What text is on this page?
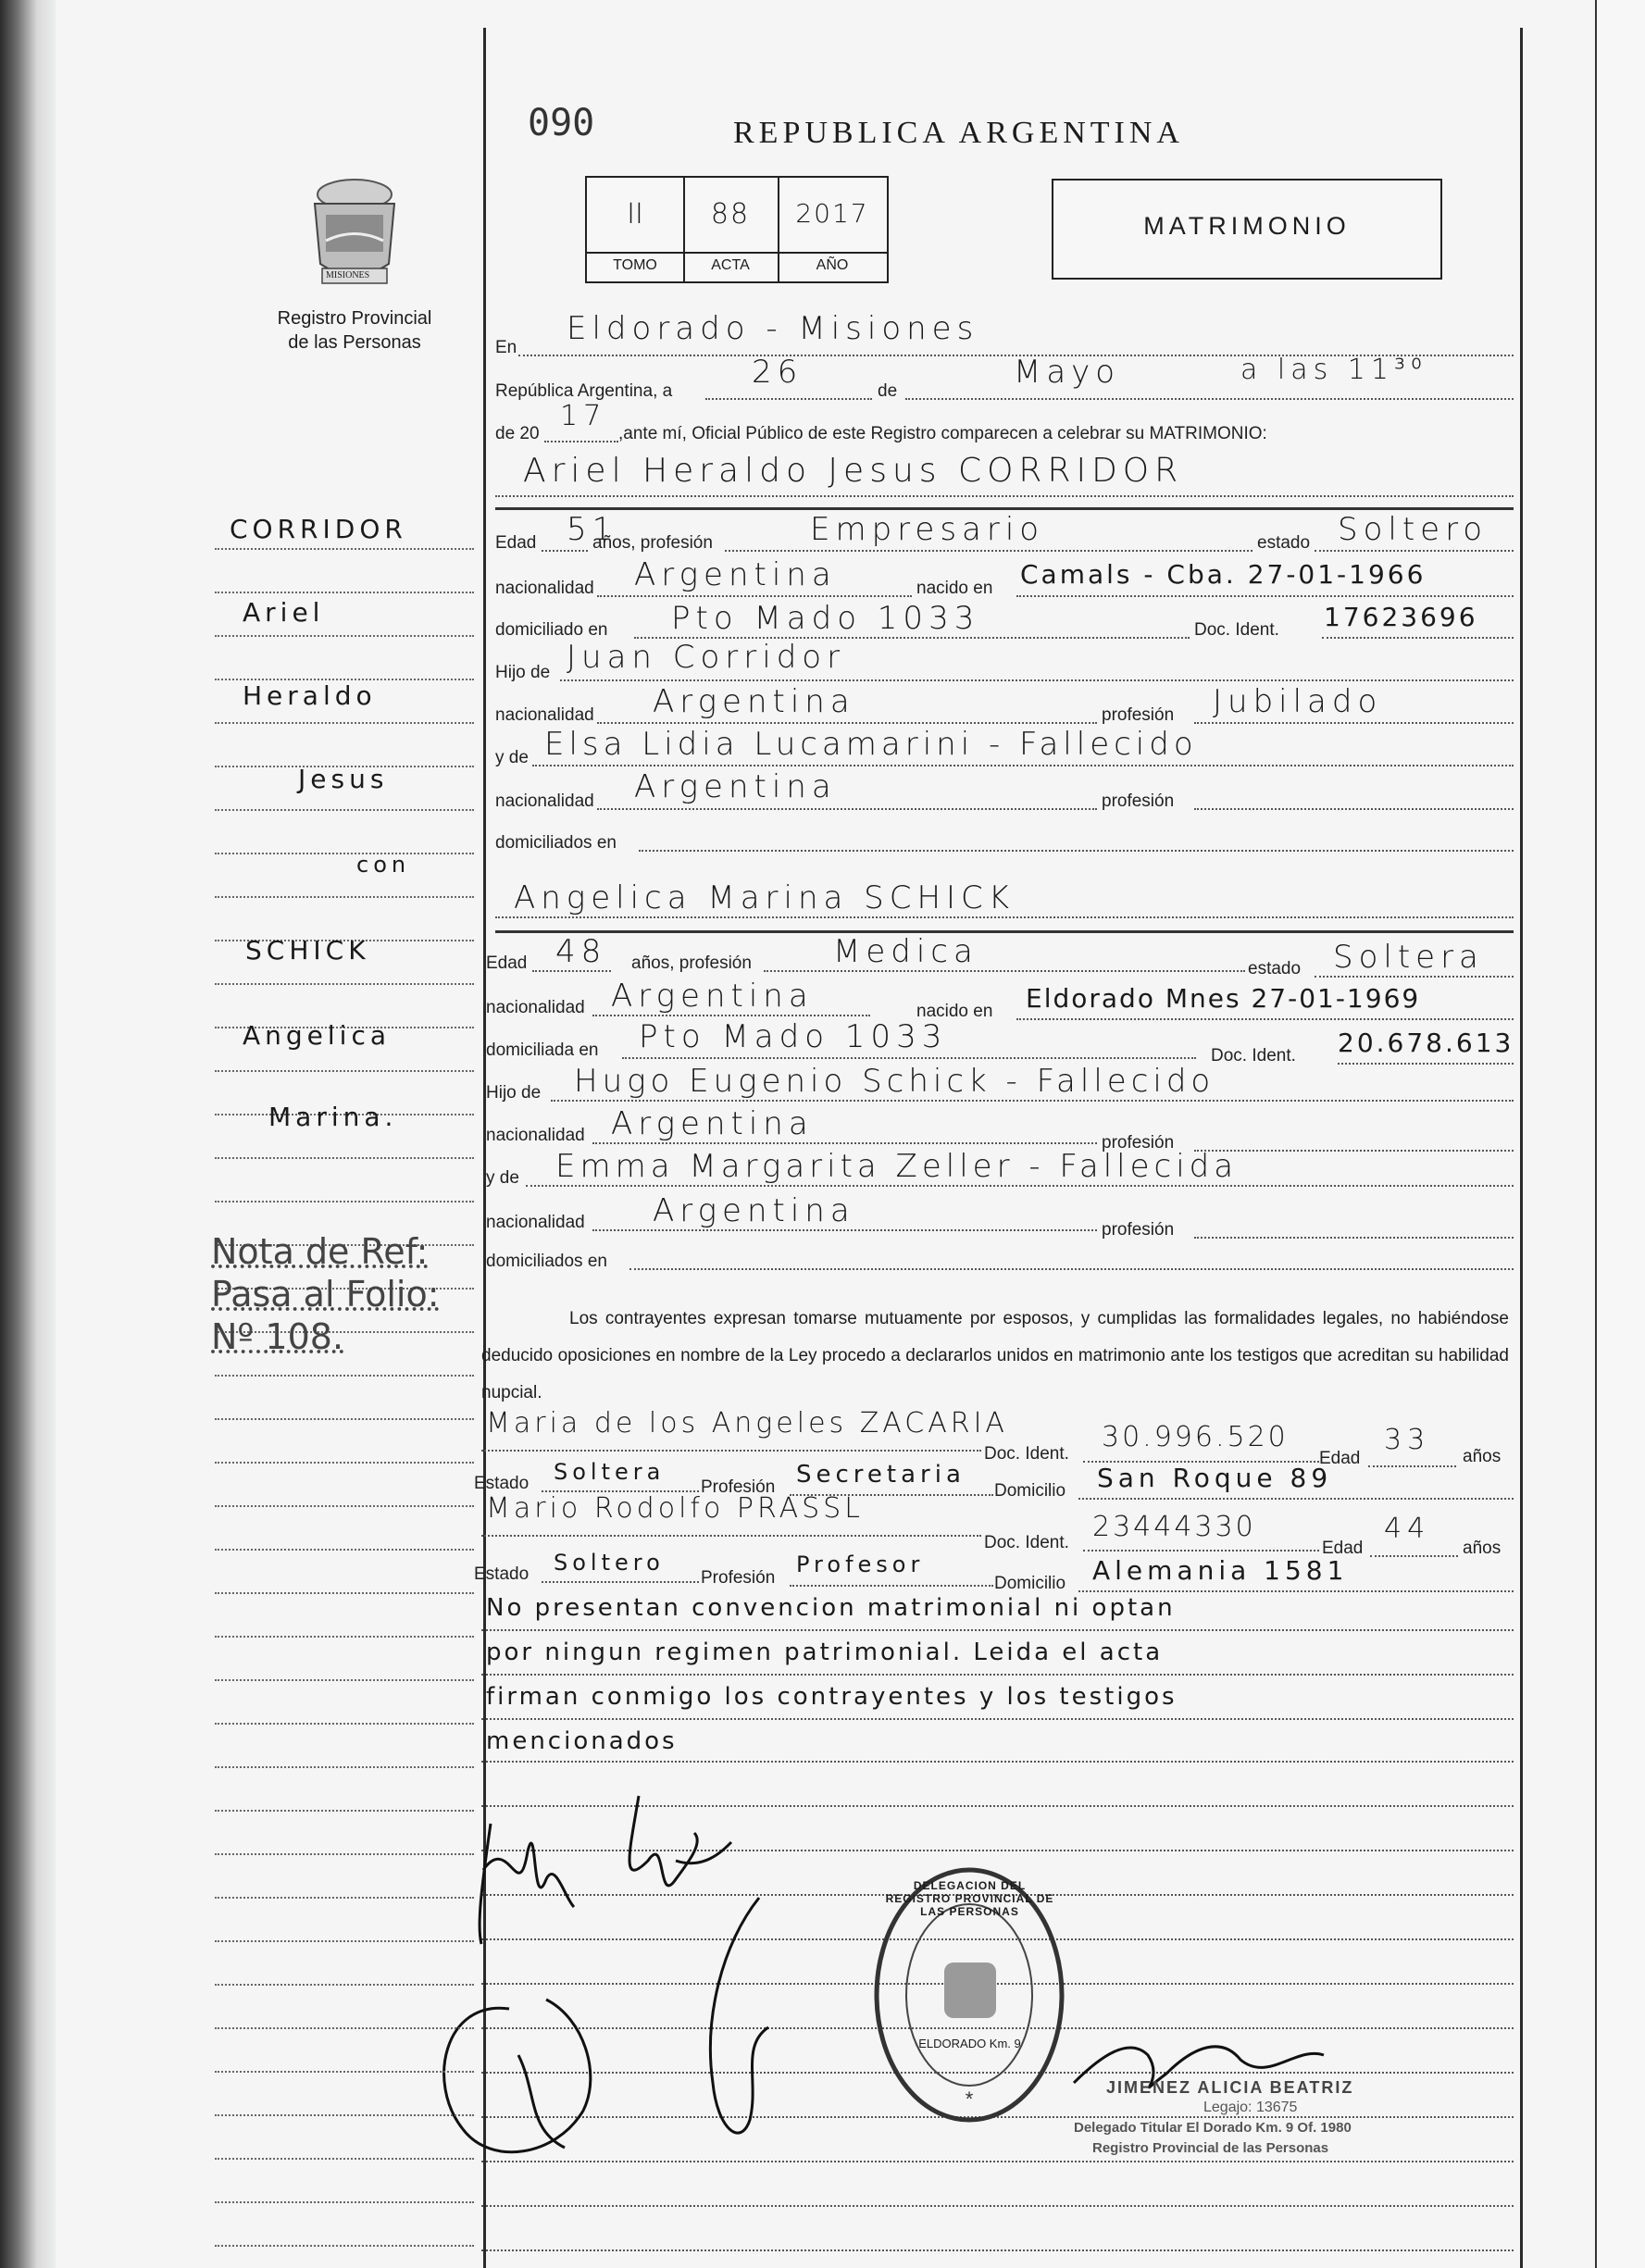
090	REPUBLICA ARGENTINA
MISIONES
Registro Provincial
de las Personas
II	88	2017
TOMO	ACTA	AÑO
MATRIMONIO
En
Eldorado - Misiones
República Argentina, a
26
de
Mayo	a las 11³⁰
de 20
17
,ante mí, Oficial Público de este Registro comparecen a celebrar su MATRIMONIO:
Ariel Heraldo Jesus CORRIDOR
Edad 51
años, profesión	Empresario	estado Soltero
nacionalidad Argentina	nacido en Camals - Cba. 27-01-1966
domiciliado en Pto Mado 1033	Doc. Ident. 17623696
Hijo de Juan Corridor
nacionalidad Argentina	profesión Jubilado
y de Elsa Lidia Lucamarini - Fallecido
nacionalidad Argentina	profesión
domiciliados en
Angelica Marina SCHICK
Edad 48 años, profesión	Medica	estado Soltera
nacionalidad Argentina	nacido en Eldorado Mnes 27-01-1969
domiciliada en Pto Mado 1033
Doc. Ident. 20.678.613
Hijo de Hugo Eugenio Schick - Fallecido
nacionalidad Argentina
profesión
y de Emma Margarita Zeller - Fallecida
nacionalidad Argentina
profesión
domiciliados en
Los contrayentes expresan tomarse mutuamente por esposos, y cumplidas las formalidades legales, no habiéndose deducido oposiciones en nombre de la Ley procedo a declararlos unidos en matrimonio ante los testigos que acreditan su habilidad nupcial.
Maria de los Angeles ZACARIA
Doc. Ident.
30.996.520
Edad
33
años
Estado Soltera
Profesión Secretaria
Domicilio San Roque 89
Mario Rodolfo PRASSL
Doc. Ident. 23444330
Edad
44
años
Estado Soltero
Profesión
Profesor
Domicilio Alemania 1581
No presentan convencion matrimonial ni optan
por ningun regimen patrimonial. Leida el acta
firman conmigo los contrayentes y los testigos
mencionados
*
DELEGACION DEL REGISTRO PROVINCIAL DE LAS PERSONAS
ELDORADO Km. 9
JIMENEZ ALICIA BEATRIZ
Legajo: 13675
Delegado Titular El Dorado Km. 9 Of. 1980
Registro Provincial de las Personas
CORRIDOR
Ariel
Heraldo
Jesus
con
SCHICK
Angelica
Marina.
Nota de Ref:
Pasa al Folio:
Nº 108.
